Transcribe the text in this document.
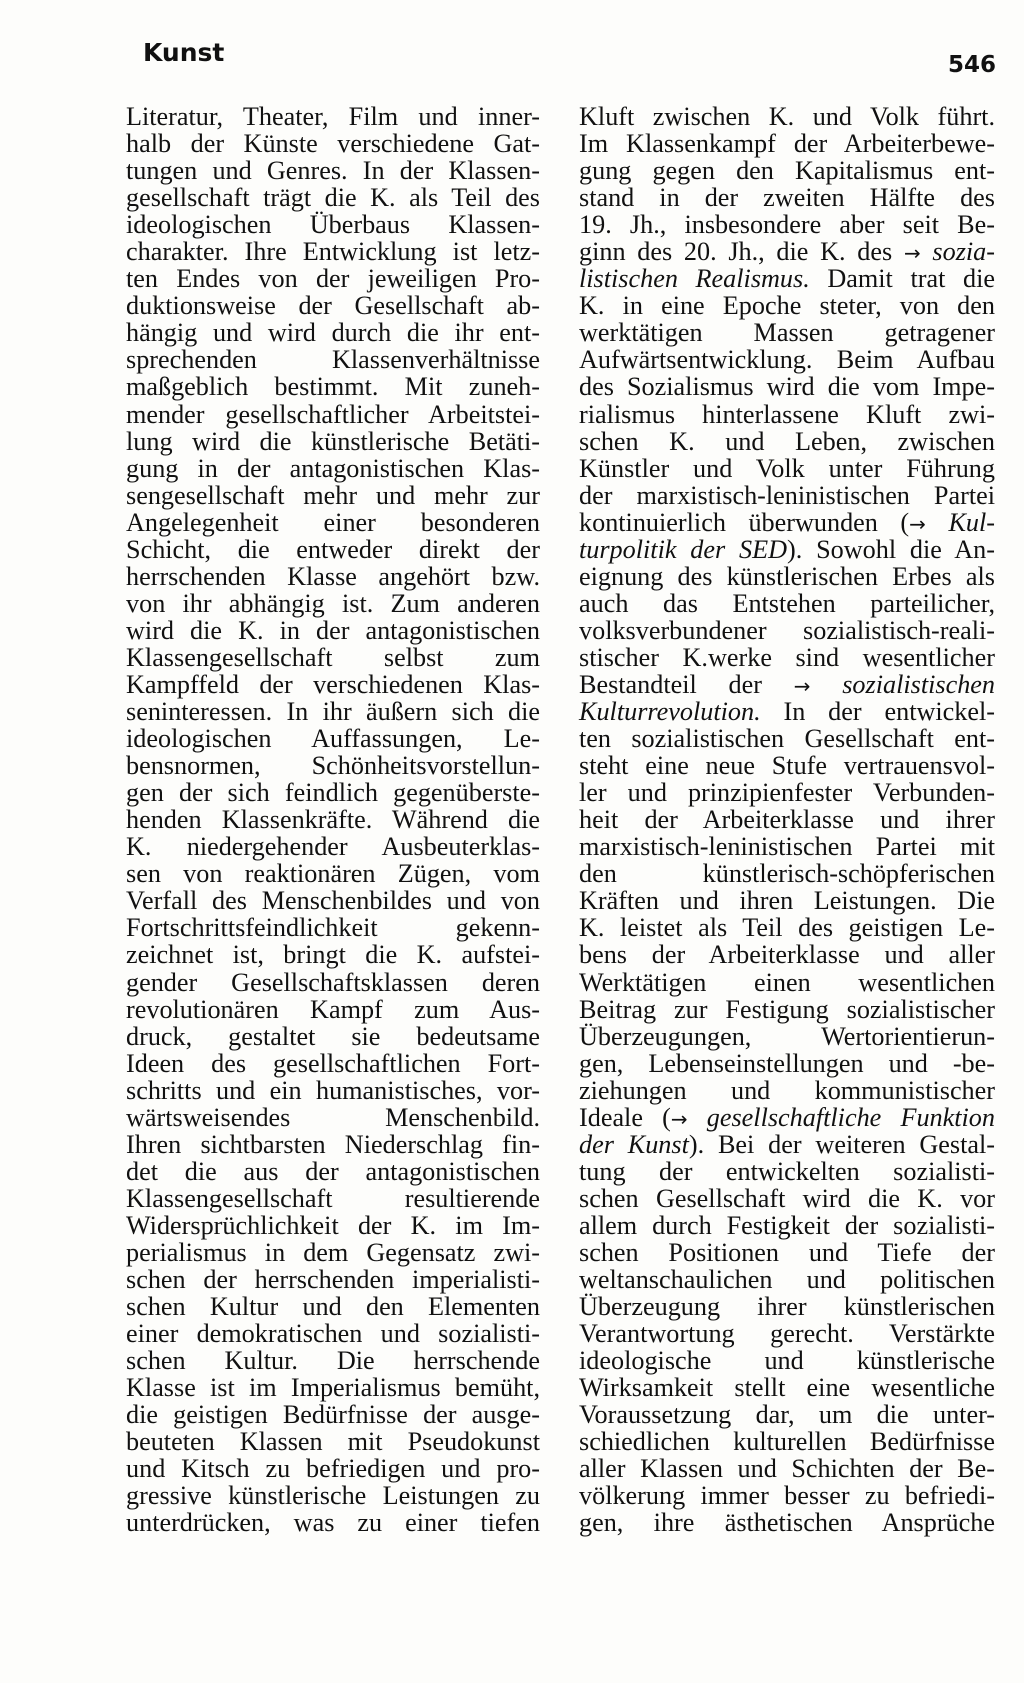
Kunst	546
Literatur, Theater, Film und inner-
halb der Künste verschiedene Gat-
tungen und Genres. In der Klassen-
gesellschaft trägt die K. als Teil des
ideologischen Überbaus Klassen-
charakter. Ihre Entwicklung ist letz-
ten Endes von der jeweiligen Pro-
duktionsweise der Gesellschaft ab-
hängig und wird durch die ihr ent-
sprechenden Klassenverhältnisse
maßgeblich bestimmt. Mit zuneh-
mender gesellschaftlicher Arbeitstei-
lung wird die künstlerische Betäti-
gung in der antagonistischen Klas-
sengesellschaft mehr und mehr zur
Angelegenheit einer besonderen
Schicht, die entweder direkt der
herrschenden Klasse angehört bzw.
von ihr abhängig ist. Zum anderen
wird die K. in der antagonistischen
Klassengesellschaft selbst zum
Kampffeld der verschiedenen Klas-
seninteressen. In ihr äußern sich die
ideologischen Auffassungen, Le-
bensnormen, Schönheitsvorstellun-
gen der sich feindlich gegenüberste-
henden Klassenkräfte. Während die
K. niedergehender Ausbeuterklas-
sen von reaktionären Zügen, vom
Verfall des Menschenbildes und von
Fortschrittsfeindlichkeit gekenn-
zeichnet ist, bringt die K. aufstei-
gender Gesellschaftsklassen deren
revolutionären Kampf zum Aus-
druck, gestaltet sie bedeutsame
Ideen des gesellschaftlichen Fort-
schritts und ein humanistisches, vor-
wärtsweisendes Menschenbild.
Ihren sichtbarsten Niederschlag fin-
det die aus der antagonistischen
Klassengesellschaft resultierende
Widersprüchlichkeit der K. im Im-
perialismus in dem Gegensatz zwi-
schen der herrschenden imperialisti-
schen Kultur und den Elementen
einer demokratischen und sozialisti-
schen Kultur. Die herrschende
Klasse ist im Imperialismus bemüht,
die geistigen Bedürfnisse der ausge-
beuteten Klassen mit Pseudokunst
und Kitsch zu befriedigen und pro-
gressive künstlerische Leistungen zu
unterdrücken, was zu einer tiefen
Kluft zwischen K. und Volk führt.
Im Klassenkampf der Arbeiterbewe-
gung gegen den Kapitalismus ent-
stand in der zweiten Hälfte des
19. Jh., insbesondere aber seit Be-
ginn des 20. Jh., die K. des → sozia-
listischen Realismus. Damit trat die
K. in eine Epoche steter, von den
werktätigen Massen getragener
Aufwärtsentwicklung. Beim Aufbau
des Sozialismus wird die vom Impe-
rialismus hinterlassene Kluft zwi-
schen K. und Leben, zwischen
Künstler und Volk unter Führung
der marxistisch-leninistischen Partei
kontinuierlich überwunden (→ Kul-
turpolitik der SED). Sowohl die An-
eignung des künstlerischen Erbes als
auch das Entstehen parteilicher,
volksverbundener sozialistisch-reali-
stischer K.werke sind wesentlicher
Bestandteil der → sozialistischen
Kulturrevolution. In der entwickel-
ten sozialistischen Gesellschaft ent-
steht eine neue Stufe vertrauensvol-
ler und prinzipienfester Verbunden-
heit der Arbeiterklasse und ihrer
marxistisch-leninistischen Partei mit
den künstlerisch-schöpferischen
Kräften und ihren Leistungen. Die
K. leistet als Teil des geistigen Le-
bens der Arbeiterklasse und aller
Werktätigen einen wesentlichen
Beitrag zur Festigung sozialistischer
Überzeugungen, Wertorientierun-
gen, Lebenseinstellungen und -be-
ziehungen und kommunistischer
Ideale (→ gesellschaftliche Funktion
der Kunst). Bei der weiteren Gestal-
tung der entwickelten sozialisti-
schen Gesellschaft wird die K. vor
allem durch Festigkeit der sozialisti-
schen Positionen und Tiefe der
weltanschaulichen und politischen
Überzeugung ihrer künstlerischen
Verantwortung gerecht. Verstärkte
ideologische und künstlerische
Wirksamkeit stellt eine wesentliche
Voraussetzung dar, um die unter-
schiedlichen kulturellen Bedürfnisse
aller Klassen und Schichten der Be-
völkerung immer besser zu befriedi-
gen, ihre ästhetischen Ansprüche
